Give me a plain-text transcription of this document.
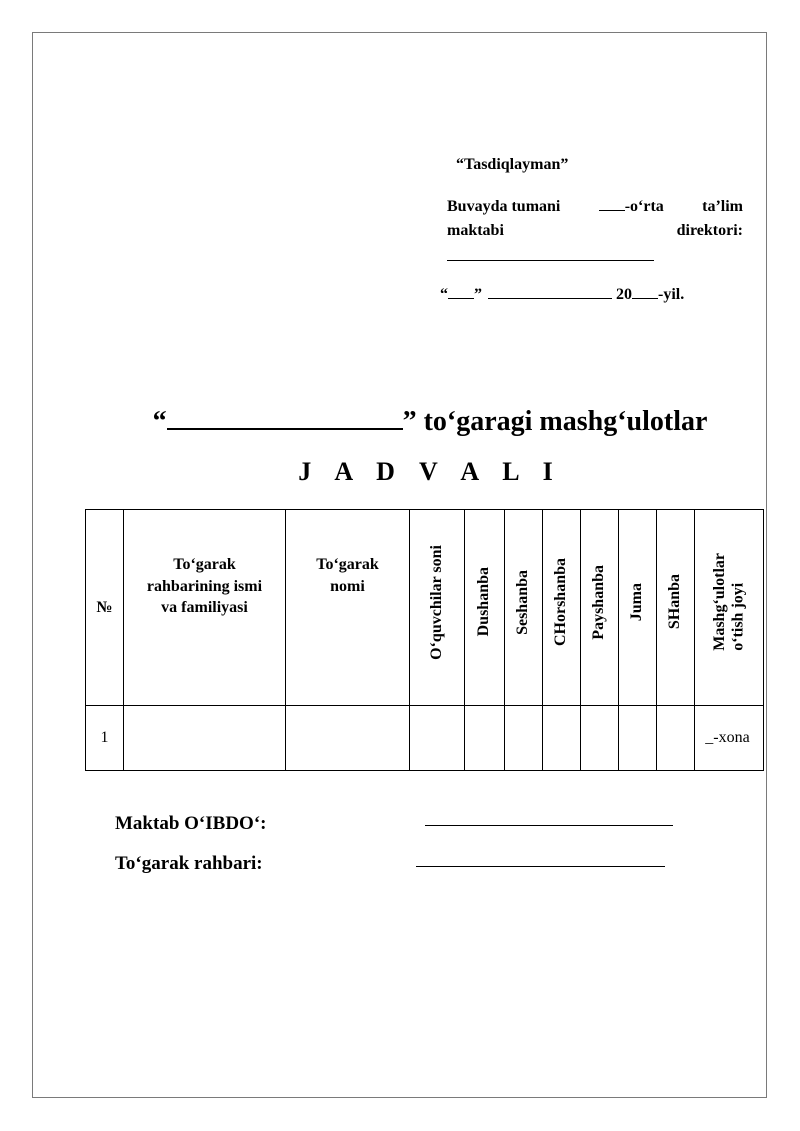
“Tasdiqlayman”
Buvayda tumani	-o‘rta ta’lim
maktabi	direktori:
“ ”	20 -yil.
“	” to‘garagi mashg‘ulotlar
J A D V A L I
№	To‘garak
rahbarining ismi
va familiyasi	To‘garak
nomi	O‘quvchilar soni	Dushanba	Seshanba	CHorshanba	Payshanba	Juma	SHanba	Mashg‘ulotlar o‘tish joyi

1										_-xona
Maktab O‘IBDO‘:
To‘garak rahbari:
